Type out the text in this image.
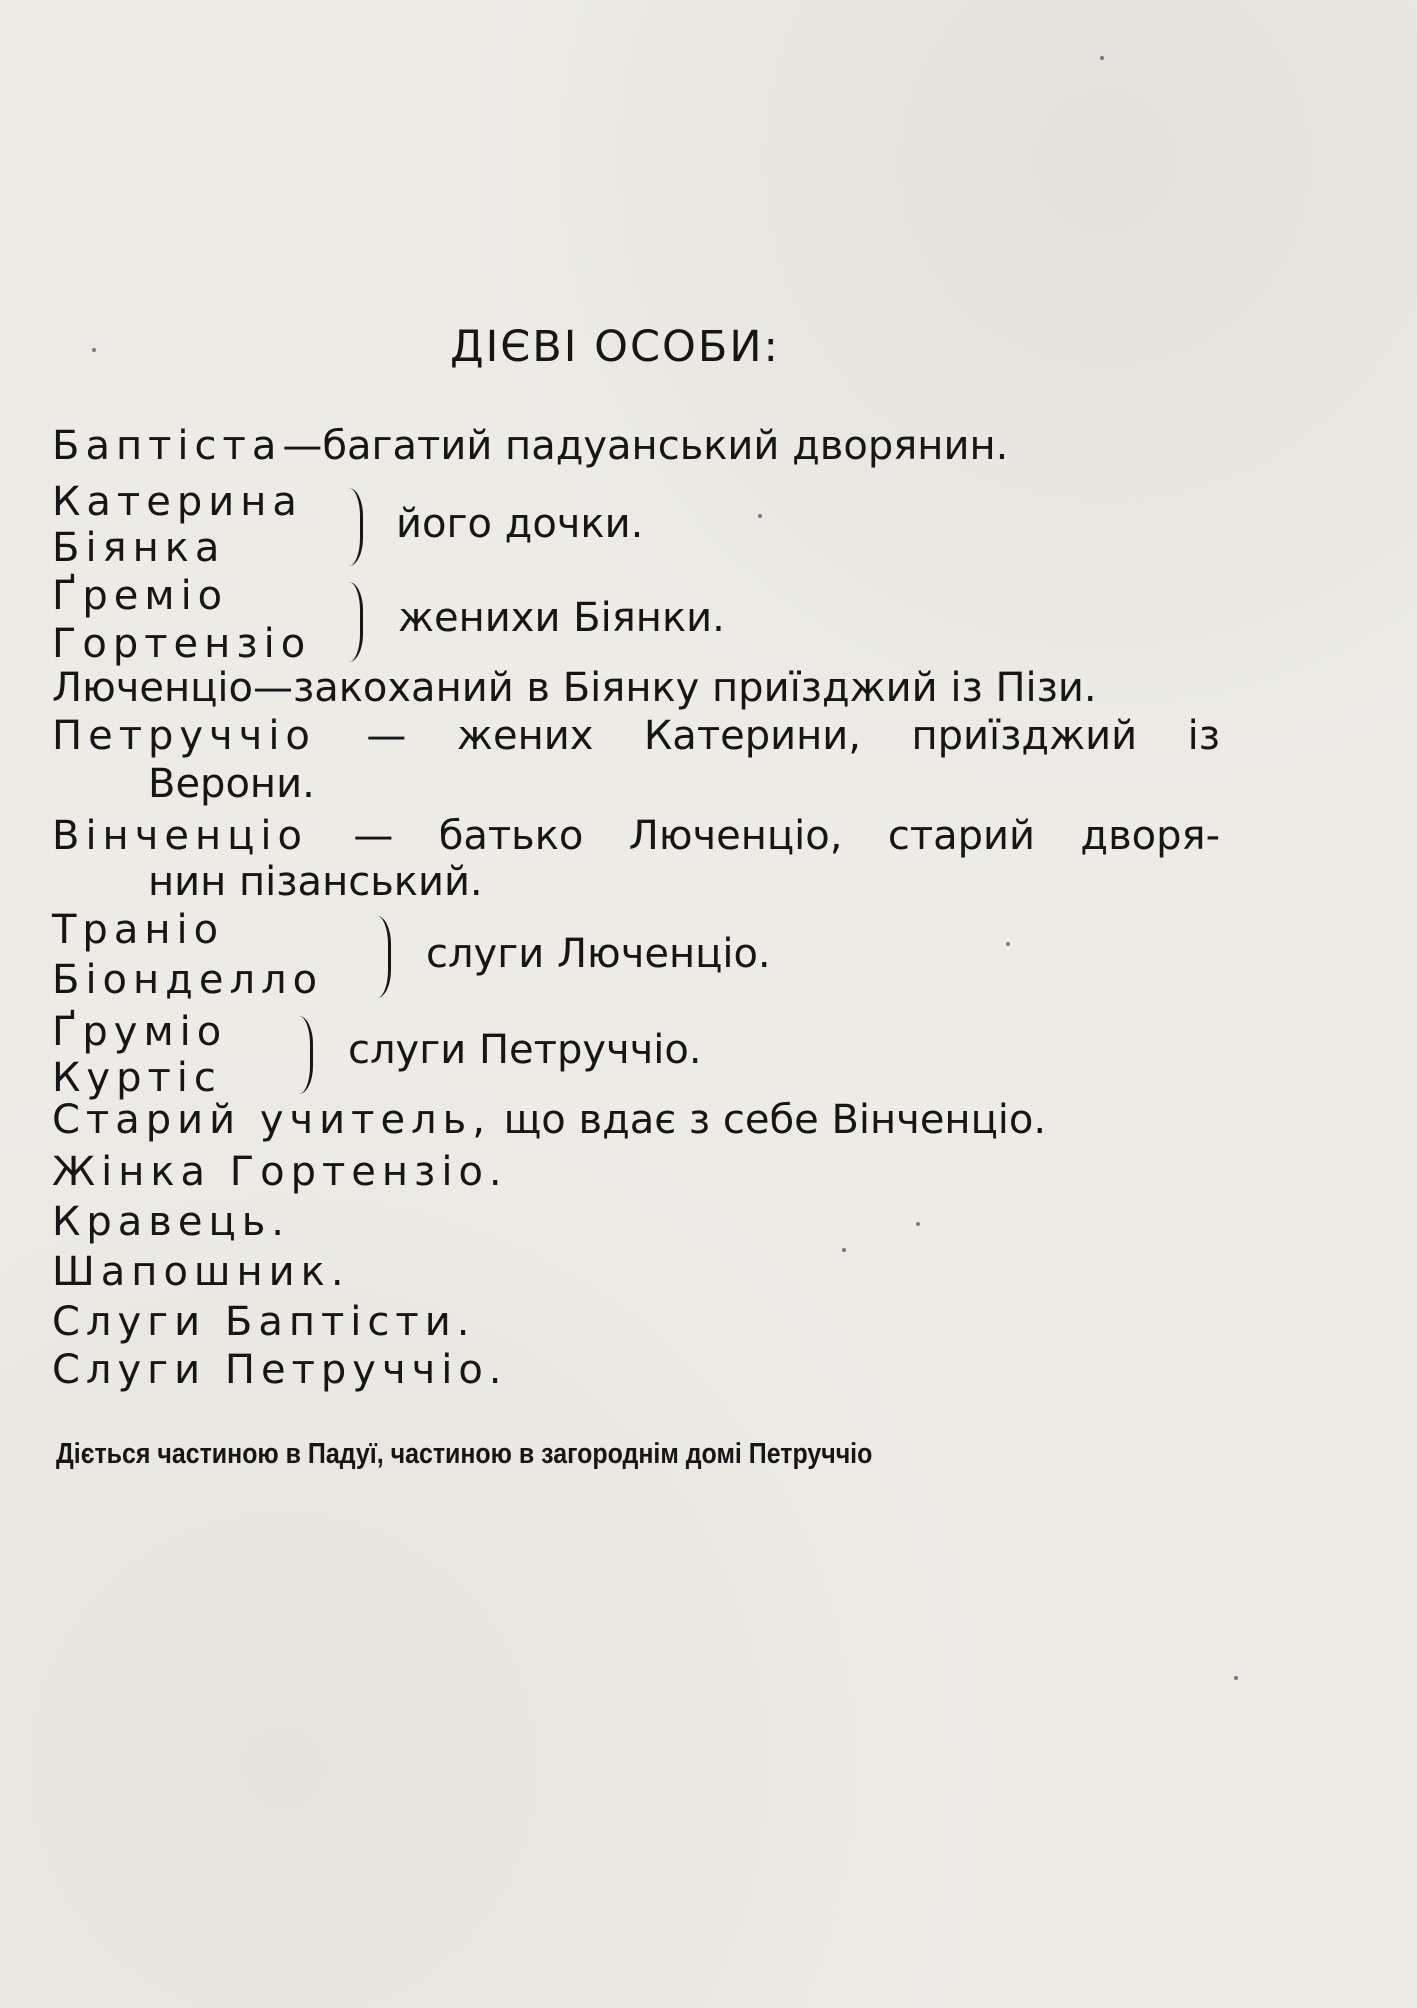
ДІЄВІ ОСОБИ:
Баптіста—багатий падуанський дворянин.
Катерина
Біянка
його дочки.
Ґреміо
Гортензіо
женихи Біянки.
Люченціо—закоханий в Біянку приїзджий із Пізи.
Петруччіо — жених Катерини, приїзджий із
Верони.
Вінченціо — батько Люченціо, старий дворя-
нин пізанський.
Траніо
Біонделло
слуги Люченціо.
Ґрумiо
Куртіс
слуги Петруччіо.
Старий учитель, що вдає з себе Вінченціо.
Жінка Гортензіо.
Кравець.
Шапошник.
Слуги Баптісти.
Слуги Петруччіо.
Діється частиною в Падуї, частиною в загороднім домі Петруччіо
